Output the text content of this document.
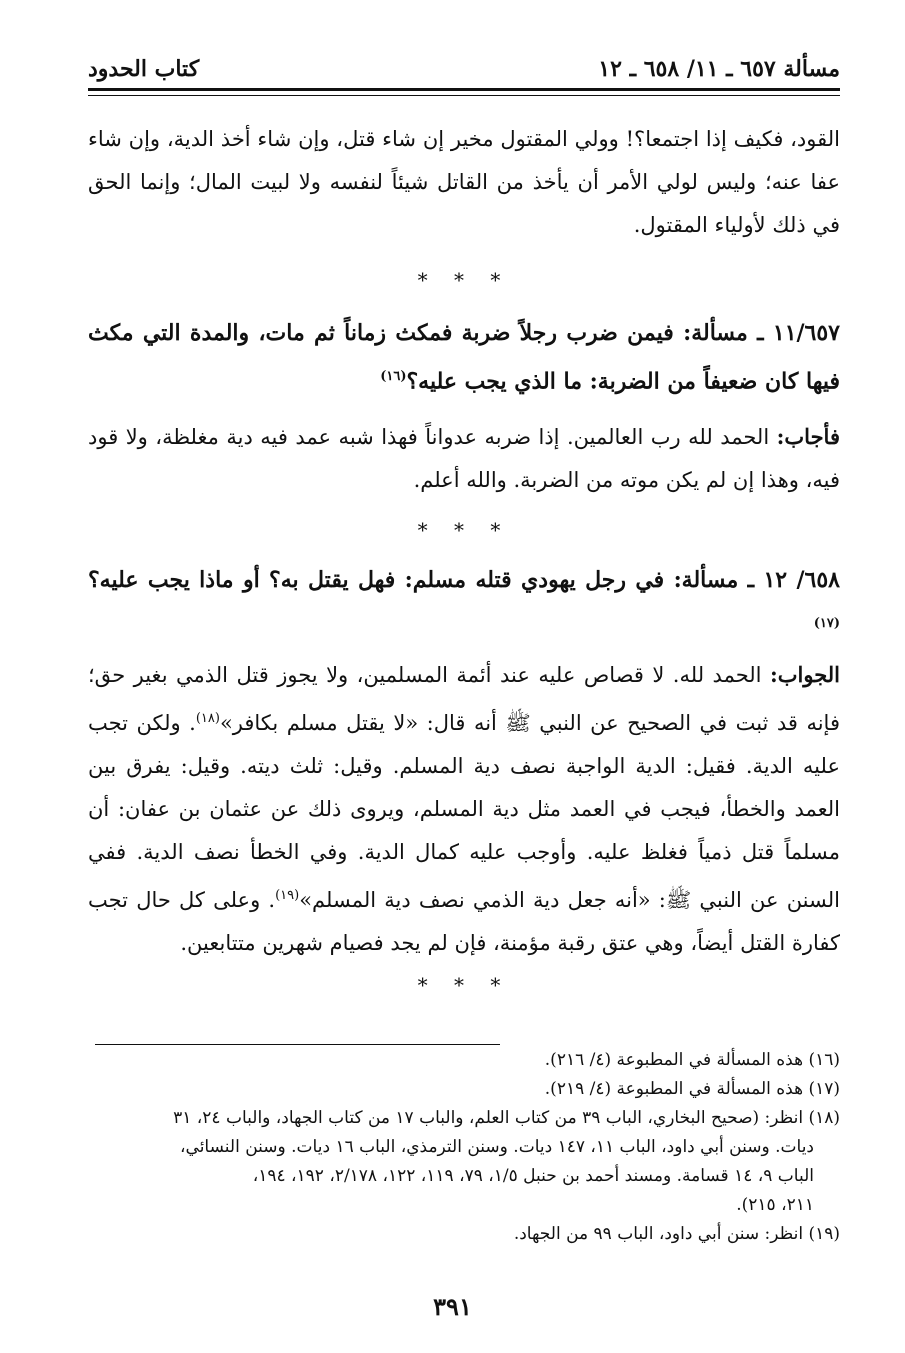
مسألة ٦٥٧ ـ ١١/ ٦٥٨ ـ ١٢
كتاب الحدود

القود، فكيف إذا اجتمعا؟! وولي المقتول مخير إن شاء قتل، وإن شاء أخذ الدية، وإن شاء عفا عنه؛ وليس لولي الأمر أن يأخذ من القاتل شيئاً لنفسه ولا لبيت المال؛ وإنما الحق في ذلك لأولياء المقتول.

* * *

١١/٦٥٧ ـ مسألة: فيمن ضرب رجلاً ضربة فمكث زماناً ثم مات، والمدة التي مكث فيها كان ضعيفاً من الضربة: ما الذي يجب عليه؟$^{(١٦)}$

فأجاب: الحمد لله رب العالمين. إذا ضربه عدواناً فهذا شبه عمد فيه دية مغلظة، ولا قود فيه، وهذا إن لم يكن موته من الضربة. والله أعلم.

* * *

٦٥٨/ ١٢ ـ مسألة: في رجل يهودي قتله مسلم: فهل يقتل به؟ أو ماذا يجب عليه؟$^{(١٧)}$

الجواب: الحمد لله. لا قصاص عليه عند أئمة المسلمين، ولا يجوز قتل الذمي بغير حق؛ فإنه قد ثبت في الصحيح عن النبي ﷺ أنه قال: «لا يقتل مسلم بكافر»$^{(١٨)}$. ولكن تجب عليه الدية. فقيل: الدية الواجبة نصف دية المسلم. وقيل: ثلث ديته. وقيل: يفرق بين العمد والخطأ، فيجب في العمد مثل دية المسلم، ويروى ذلك عن عثمان بن عفان: أن مسلماً قتل ذمياً فغلظ عليه. وأوجب عليه كمال الدية. وفي الخطأ نصف الدية. ففي السنن عن النبي ﷺ: «أنه جعل دية الذمي نصف دية المسلم»$^{(١٩)}$. وعلى كل حال تجب كفارة القتل أيضاً، وهي عتق رقبة مؤمنة، فإن لم يجد فصيام شهرين متتابعين.

* * *

(١٦) هذه المسألة في المطبوعة (٤/ ٢١٦).

(١٧) هذه المسألة في المطبوعة (٤/ ٢١٩).

(١٨) انظر: (صحيح البخاري، الباب ٣٩ من كتاب العلم، والباب ١٧ من كتاب الجهاد، والباب ٢٤، ٣١

ديات. وسنن أبي داود، الباب ١١، ١٤٧ ديات. وسنن الترمذي، الباب ١٦ ديات. وسنن النسائي،

الباب ٩، ١٤ قسامة. ومسند أحمد بن حنبل ١/٥، ٧٩، ١١٩، ١٢٢، ٢/١٧٨، ١٩٢، ١٩٤،

٢١١، ٢١٥).

(١٩) انظر: سنن أبي داود، الباب ٩٩ من الجهاد.

٣٩١
